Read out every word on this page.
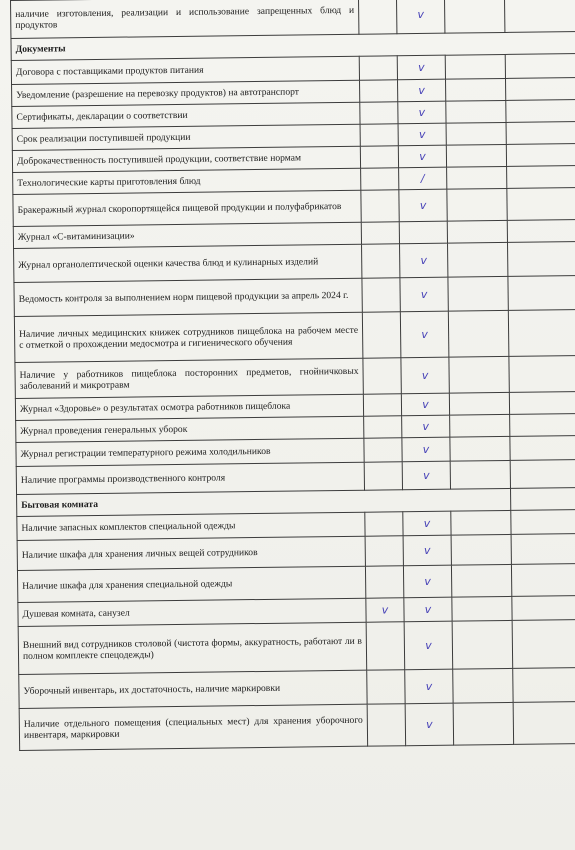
наличие изготовления, реализации и использование запрещенных блюд и продуктов		v		
Документы				
Договора с поставщиками продуктов питания		v		
Уведомление (разрешение на перевозку продуктов) на автотранспорт		v		
Сертификаты, декларации о соответствии		v		
Срок реализации поступившей продукции		v		
Доброкачественность поступившей продукции, соответствие нормам		v		
Технологические карты приготовления блюд		/		
Бракеражный журнал скоропортящейся пищевой продукции и полуфабрикатов		v		
Журнал «С-витаминизации»				
Журнал органолептической оценки качества блюд и кулинарных изделий		v		
Ведомость контроля за выполнением норм пищевой продукции за апрель 2024 г.		v		
Наличие личных медицинских книжек сотрудников пищеблока на рабочем месте с отметкой о прохождении медосмотра и гигиенического обучения		v		
Наличие у работников пищеблока посторонних предметов, гнойничковых заболеваний и микротравм		v		
Журнал «Здоровье» о результатах осмотра работников пищеблока		v		
Журнал проведения генеральных уборок		v		
Журнал регистрации температурного режима холодильников		v		
Наличие программы производственного контроля		v		
Бытовая комната				
Наличие запасных комплектов специальной одежды		v		
Наличие шкафа для хранения личных вещей сотрудников		v		
Наличие шкафа для хранения специальной одежды		v		
Душевая комната, санузел	v	v		
Внешний вид сотрудников столовой (чистота формы, аккуратность, работают ли в полном комплекте спецодежды)		v		
Уборочный инвентарь, их достаточность, наличие маркировки		v		
Наличие отдельного помещения (специальных мест) для хранения уборочного инвентаря, маркировки		v		
